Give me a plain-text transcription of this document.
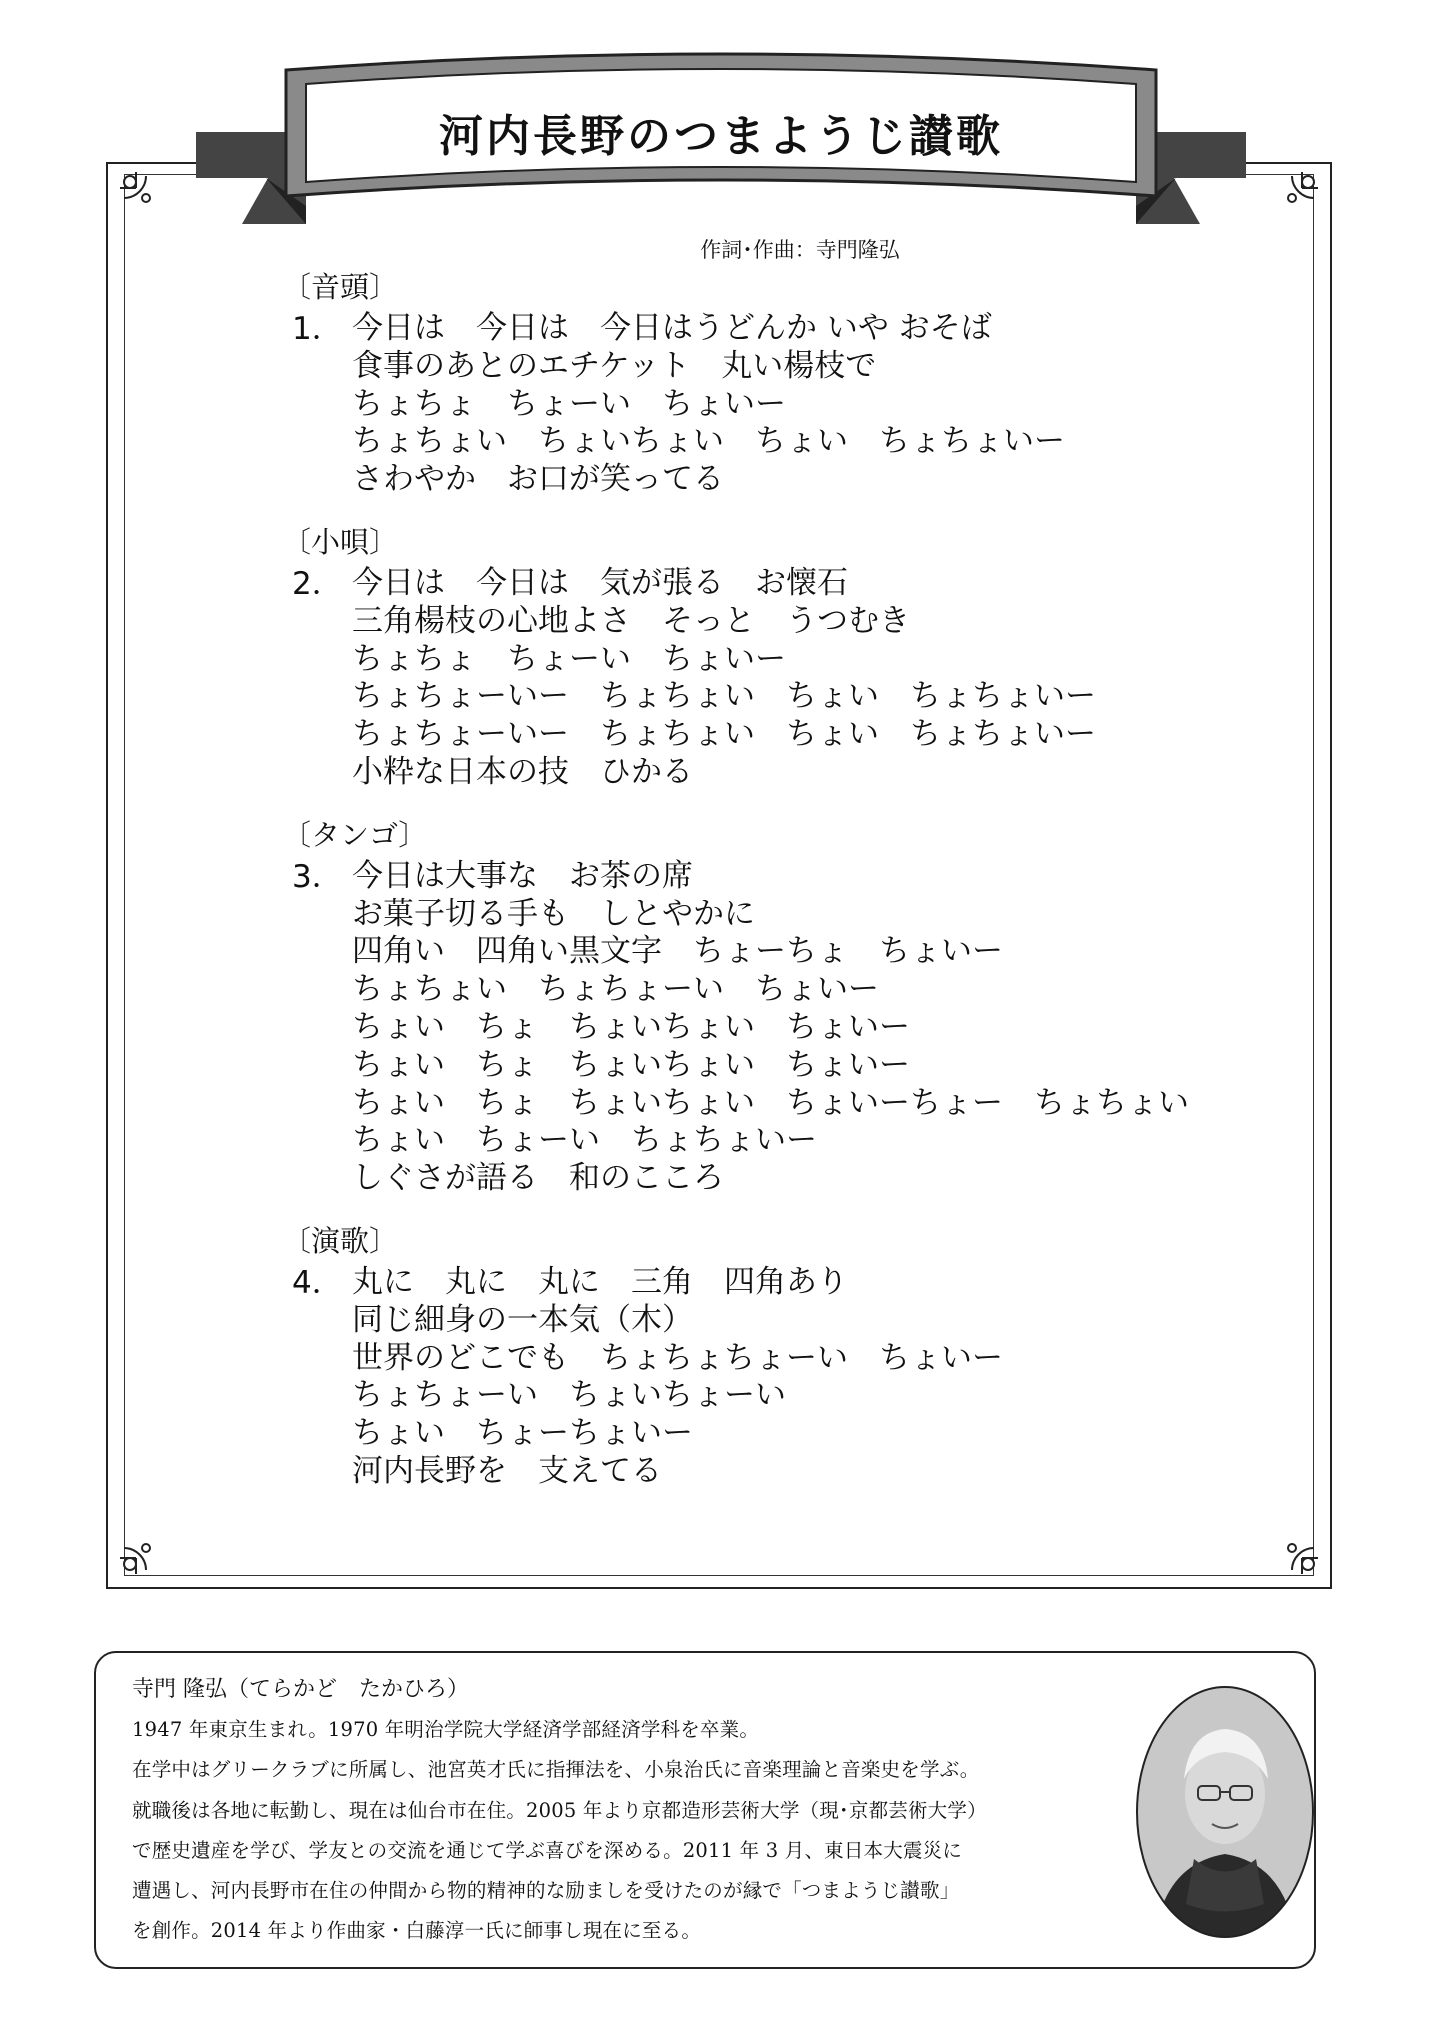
河内長野のつまようじ讃歌
作詞･作曲：寺門隆弘
〔音頭〕
1． 今日は　今日は　今日はうどんか いや おそば
食事のあとのエチケット　丸い楊枝で
ちょちょ　ちょーい　ちょいー
ちょちょい　ちょいちょい　ちょい　ちょちょいー
さわやか　お口が笑ってる
〔小唄〕
2． 今日は　今日は　気が張る　お懐石
三角楊枝の心地よさ　そっと　うつむき
ちょちょ　ちょーい　ちょいー
ちょちょーいー　ちょちょい　ちょい　ちょちょいー
ちょちょーいー　ちょちょい　ちょい　ちょちょいー
小粋な日本の技　ひかる
〔タンゴ〕
3． 今日は大事な　お茶の席
お菓子切る手も　しとやかに
四角い　四角い黒文字　ちょーちょ　ちょいー
ちょちょい　ちょちょーい　ちょいー
ちょい　ちょ　ちょいちょい　ちょいー
ちょい　ちょ　ちょいちょい　ちょいー
ちょい　ちょ　ちょいちょい　ちょいーちょー　ちょちょい
ちょい　ちょーい　ちょちょいー
しぐさが語る　和のこころ
〔演歌〕
4． 丸に　丸に　丸に　三角　四角あり
同じ細身の一本気（木）
世界のどこでも　ちょちょちょーい　ちょいー
ちょちょーい　ちょいちょーい
ちょい　ちょーちょいー
河内長野を　支えてる
寺門 隆弘（てらかど　たかひろ）
1947 年東京生まれ。1970 年明治学院大学経済学部経済学科を卒業。
在学中はグリークラブに所属し、池宮英才氏に指揮法を、小泉治氏に音楽理論と音楽史を学ぶ。
就職後は各地に転勤し、現在は仙台市在住。2005 年より京都造形芸術大学（現･京都芸術大学）
で歴史遺産を学び、学友との交流を通じて学ぶ喜びを深める。2011 年 3 月、東日本大震災に
遭遇し、河内長野市在住の仲間から物的精神的な励ましを受けたのが縁で「つまようじ讃歌」
を創作。2014 年より作曲家・白藤淳一氏に師事し現在に至る。
